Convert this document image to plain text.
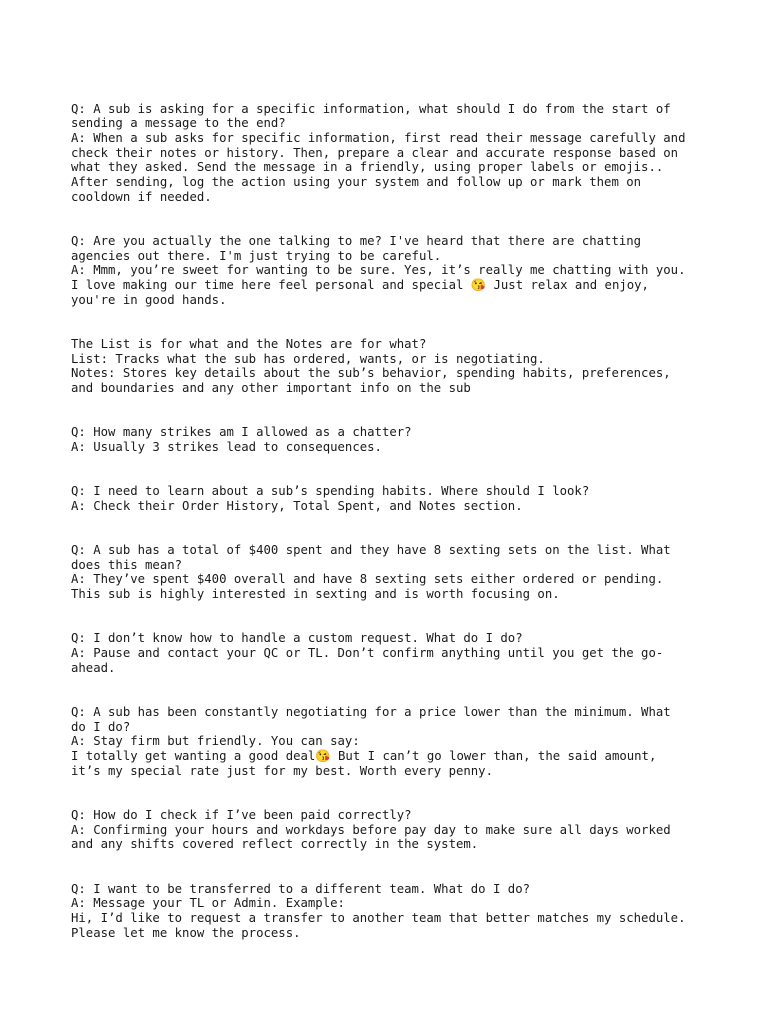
Q: A sub is asking for a specific information, what should I do from the start of
sending a message to the end?
A: When a sub asks for specific information, first read their message carefully and
check their notes or history. Then, prepare a clear and accurate response based on
what they asked. Send the message in a friendly, using proper labels or emojis..
After sending, log the action using your system and follow up or mark them on
cooldown if needed.
Q: Are you actually the one talking to me? I've heard that there are chatting
agencies out there. I'm just trying to be careful.
A: Mmm, you’re sweet for wanting to be sure. Yes, it’s really me chatting with you.
I love making our time here feel personal and special 😘 Just relax and enjoy,
you're in good hands.
The List is for what and the Notes are for what?
List: Tracks what the sub has ordered, wants, or is negotiating.
Notes: Stores key details about the sub’s behavior, spending habits, preferences,
and boundaries and any other important info on the sub
Q: How many strikes am I allowed as a chatter?
A: Usually 3 strikes lead to consequences.
Q: I need to learn about a sub’s spending habits. Where should I look?
A: Check their Order History, Total Spent, and Notes section.
Q: A sub has a total of $400 spent and they have 8 sexting sets on the list. What
does this mean?
A: They’ve spent $400 overall and have 8 sexting sets either ordered or pending.
This sub is highly interested in sexting and is worth focusing on.
Q: I don’t know how to handle a custom request. What do I do?
A: Pause and contact your QC or TL. Don’t confirm anything until you get the go-
ahead.
Q: A sub has been constantly negotiating for a price lower than the minimum. What
do I do?
A: Stay firm but friendly. You can say:
I totally get wanting a good deal😘 But I can’t go lower than, the said amount,
it’s my special rate just for my best. Worth every penny.
Q: How do I check if I’ve been paid correctly?
A: Confirming your hours and workdays before pay day to make sure all days worked
and any shifts covered reflect correctly in the system.
Q: I want to be transferred to a different team. What do I do?
A: Message your TL or Admin. Example:
Hi, I’d like to request a transfer to another team that better matches my schedule.
Please let me know the process.
